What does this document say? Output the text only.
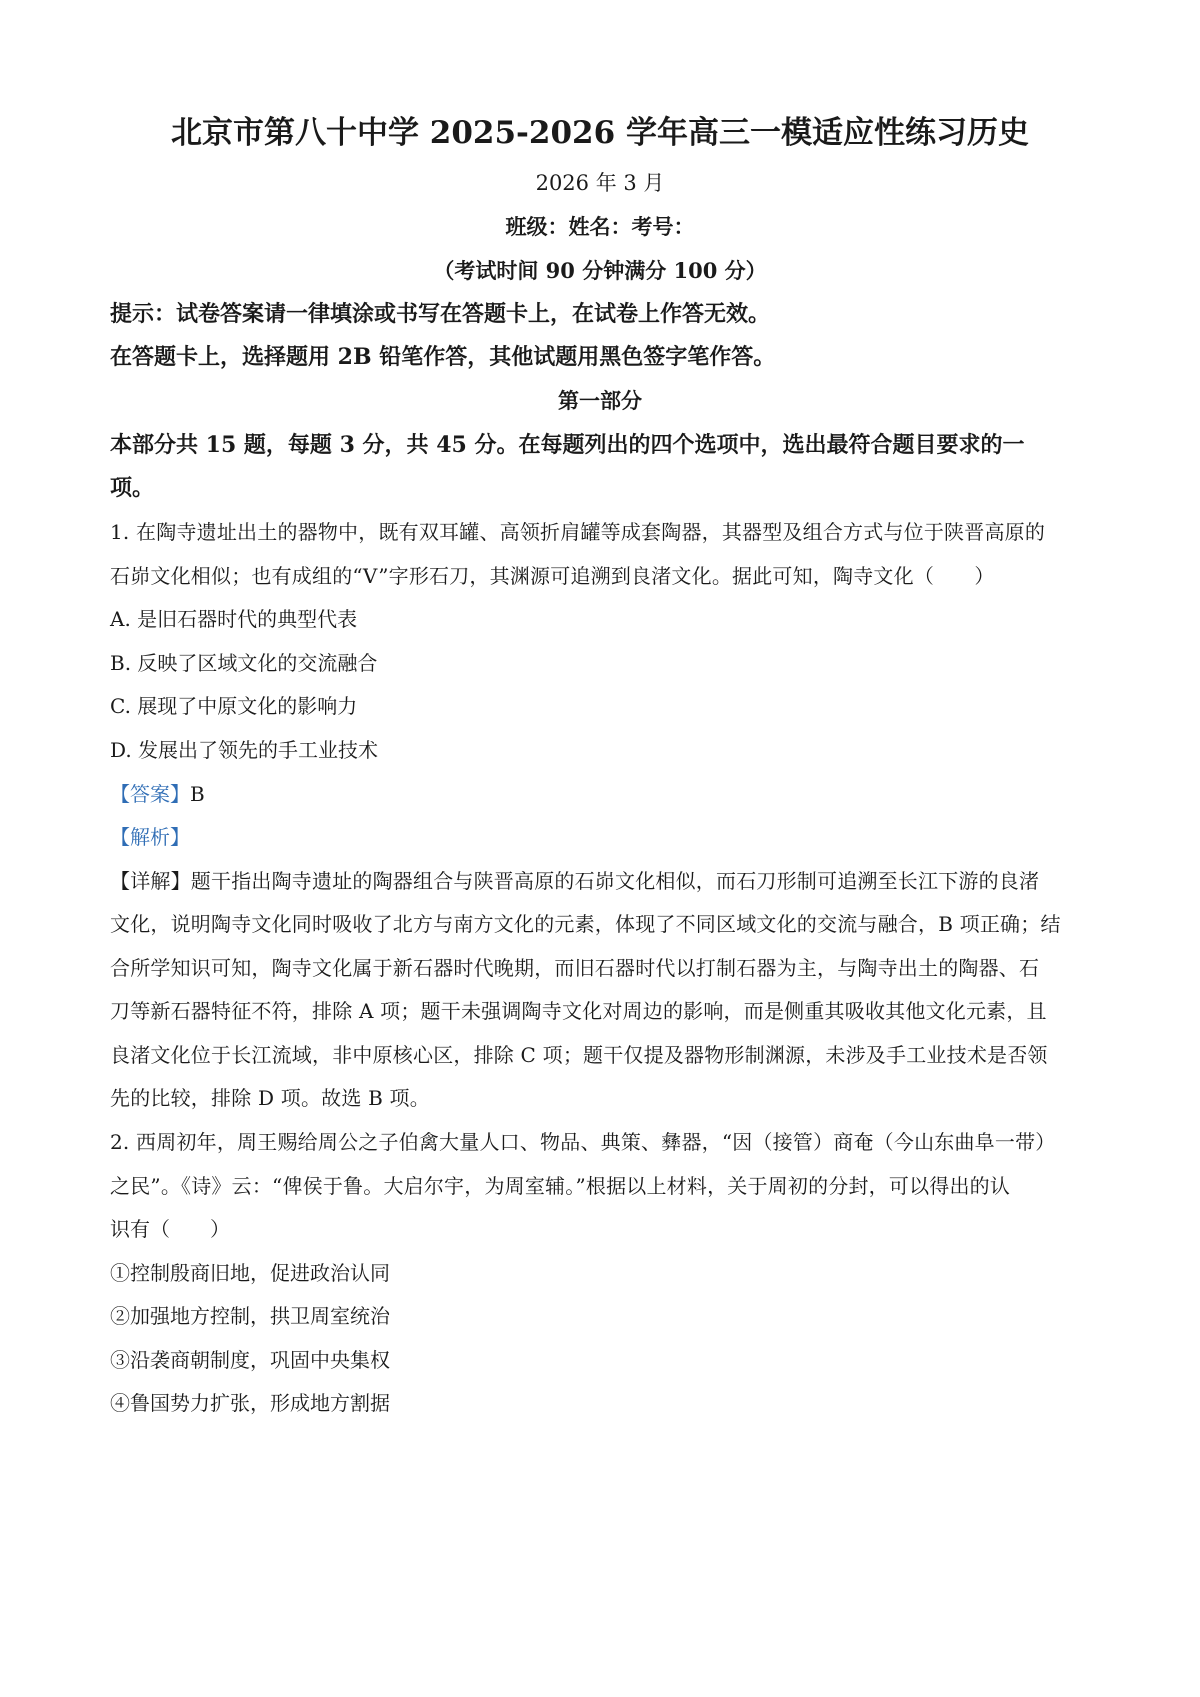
北京市第八十中学 2025-2026 学年高三一模适应性练习历史
2026 年 3 月
班级：姓名：考号：
（考试时间 90 分钟满分 100 分）
提示：试卷答案请一律填涂或书写在答题卡上，在试卷上作答无效。
在答题卡上，选择题用 2B 铅笔作答，其他试题用黑色签字笔作答。
第一部分
本部分共 15 题，每题 3 分，共 45 分。在每题列出的四个选项中，选出最符合题目要求的一
项。
1. 在陶寺遗址出土的器物中，既有双耳罐、高领折肩罐等成套陶器，其器型及组合方式与位于陕晋高原的
石峁文化相似；也有成组的“V”字形石刀，其渊源可追溯到良渚文化。据此可知，陶寺文化（　　）
A. 是旧石器时代的典型代表
B. 反映了区域文化的交流融合
C. 展现了中原文化的影响力
D. 发展出了领先的手工业技术
【答案】B
【解析】
【详解】题干指出陶寺遗址的陶器组合与陕晋高原的石峁文化相似，而石刀形制可追溯至长江下游的良渚
文化，说明陶寺文化同时吸收了北方与南方文化的元素，体现了不同区域文化的交流与融合，B 项正确；结
合所学知识可知，陶寺文化属于新石器时代晚期，而旧石器时代以打制石器为主，与陶寺出土的陶器、石
刀等新石器特征不符，排除 A 项；题干未强调陶寺文化对周边的影响，而是侧重其吸收其他文化元素，且
良渚文化位于长江流域，非中原核心区，排除 C 项；题干仅提及器物形制渊源，未涉及手工业技术是否领
先的比较，排除 D 项。故选 B 项。
2. 西周初年，周王赐给周公之子伯禽大量人口、物品、典策、彝器，“因（接管）商奄（今山东曲阜一带）
之民”。《诗》云：“俾侯于鲁。大启尔宇，为周室辅。”根据以上材料，关于周初的分封，可以得出的认
识有（　　）
①控制殷商旧地，促进政治认同
②加强地方控制，拱卫周室统治
③沿袭商朝制度，巩固中央集权
④鲁国势力扩张，形成地方割据
